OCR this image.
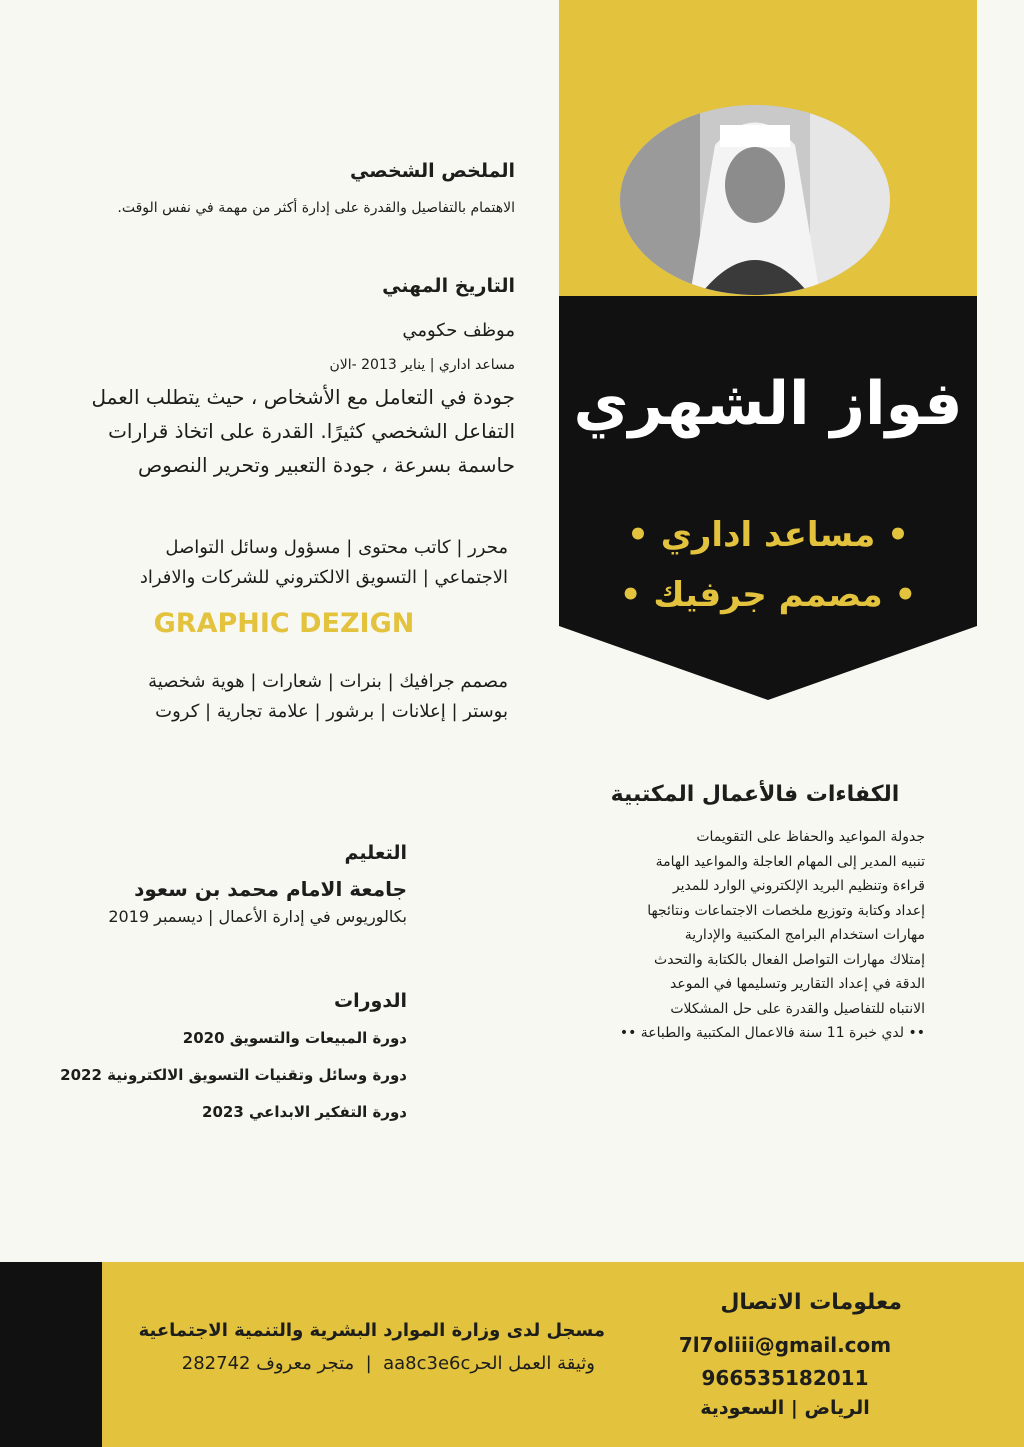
فواز الشهري
• مساعد اداري •
• مصمم جرفيك •
الملخص الشخصي
الاهتمام بالتفاصيل والقدرة على إدارة أكثر من مهمة في نفس الوقت.
التاريخ المهني
موظف حكومي
مساعد اداري | يناير 2013 -الان
جودة في التعامل مع الأشخاص ، حيث يتطلب العمل
التفاعل الشخصي كثيرًا. القدرة على اتخاذ قرارات
حاسمة بسرعة ، جودة التعبير وتحرير النصوص
محرر | كاتب محتوى | مسؤول وسائل التواصل
الاجتماعي | التسويق الالكتروني للشركات والافراد
GRAPHIC DEZIGN
مصمم جرافيك | بنرات | شعارات | هوية شخصية
بوستر | إعلانات | برشور | علامة تجارية | كروت
التعليم
جامعة الامام محمد بن سعود
بكالوريوس في إدارة الأعمال | ديسمبر 2019
الدورات
دورة المبيعات والتسويق 2020
دورة وسائل وتقنيات التسويق الالكترونية 2022
دورة التفكير الابداعي 2023
الكفاءات فالأعمال المكتبية
جدولة المواعيد والحفاظ على التقويمات
تنبيه المدير إلى المهام العاجلة والمواعيد الهامة
قراءة وتنظيم البريد الإلكتروني الوارد للمدير
إعداد وكتابة وتوزيع ملخصات الاجتماعات ونتائجها
مهارات استخدام البرامج المكتبية والإدارية
إمتلاك مهارات التواصل الفعال بالكتابة والتحدث
الدقة في إعداد التقارير وتسليمها في الموعد
الانتباه للتفاصيل والقدرة على حل المشكلات
•• لدي خبرة 11 سنة فالاعمال المكتبية والطباعة ••
مسجل لدى وزارة الموارد البشرية والتنمية الاجتماعية
وثيقة العمل الحرaa8c3e6c  |  متجر معروف 282742
معلومات الاتصال
7l7oliii@gmail.com
966535182011
الرياض | السعودية
